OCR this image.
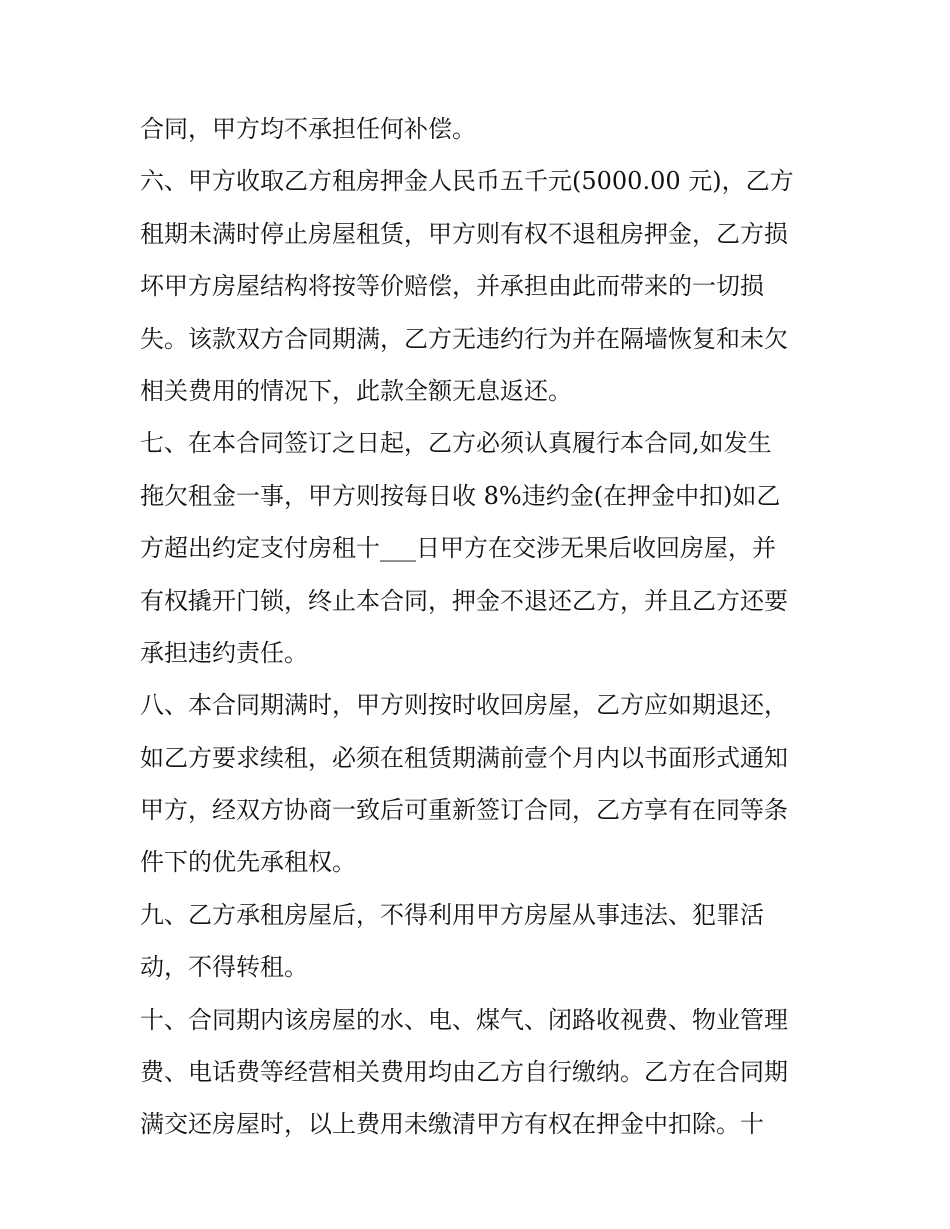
合同，甲方均不承担任何补偿。
六、甲方收取乙方租房押金人民币五千元(5000.00 元)，乙方
租期未满时停止房屋租赁，甲方则有权不退租房押金，乙方损
坏甲方房屋结构将按等价赔偿，并承担由此而带来的一切损
失。该款双方合同期满，乙方无违约行为并在隔墙恢复和未欠
相关费用的情况下，此款全额无息返还。
七、在本合同签订之日起，乙方必须认真履行本合同,如发生
拖欠租金一事，甲方则按每日收 8%违约金(在押金中扣)如乙
方超出约定支付房租十___日甲方在交涉无果后收回房屋，并
有权撬开门锁，终止本合同，押金不退还乙方，并且乙方还要
承担违约责任。
八、本合同期满时，甲方则按时收回房屋，乙方应如期退还，
如乙方要求续租，必须在租赁期满前壹个月内以书面形式通知
甲方，经双方协商一致后可重新签订合同，乙方享有在同等条
件下的优先承租权。
九、乙方承租房屋后，不得利用甲方房屋从事违法、犯罪活
动，不得转租。
十、合同期内该房屋的水、电、煤气、闭路收视费、物业管理
费、电话费等经营相关费用均由乙方自行缴纳。乙方在合同期
满交还房屋时，以上费用未缴清甲方有权在押金中扣除。十
